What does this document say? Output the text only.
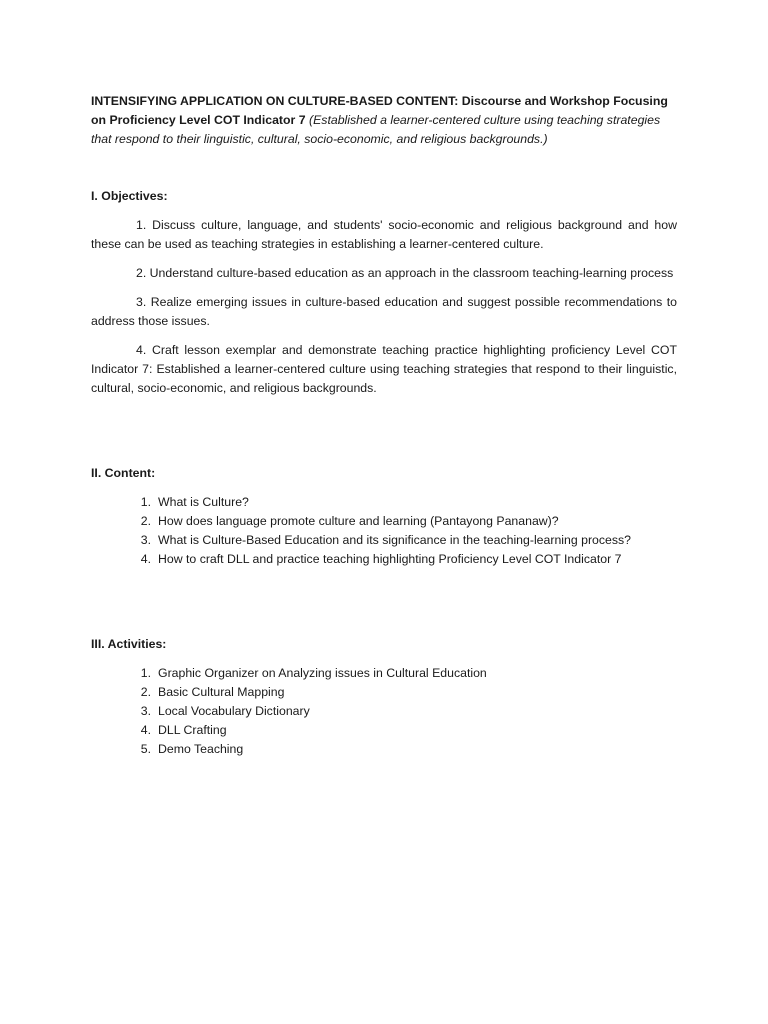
INTENSIFYING APPLICATION ON CULTURE-BASED CONTENT: Discourse and Workshop Focusing on Proficiency Level COT Indicator 7 (Established a learner-centered culture using teaching strategies that respond to their linguistic, cultural, socio-economic, and religious backgrounds.)

I. Objectives:

1. Discuss culture, language, and students' socio-economic and religious background and how these can be used as teaching strategies in establishing a learner-centered culture.

2. Understand culture-based education as an approach in the classroom teaching-learning process

3. Realize emerging issues in culture-based education and suggest possible recommendations to address those issues.

4. Craft lesson exemplar and demonstrate teaching practice highlighting proficiency Level COT Indicator 7: Established a learner-centered culture using teaching strategies that respond to their linguistic, cultural, socio-economic, and religious backgrounds.

II. Content:

1. What is Culture?
2. How does language promote culture and learning (Pantayong Pananaw)?
3. What is Culture-Based Education and its significance in the teaching-learning process?
4. How to craft DLL and practice teaching highlighting Proficiency Level COT Indicator 7

III. Activities:

1. Graphic Organizer on Analyzing issues in Cultural Education
2. Basic Cultural Mapping
3. Local Vocabulary Dictionary
4. DLL Crafting
5. Demo Teaching
